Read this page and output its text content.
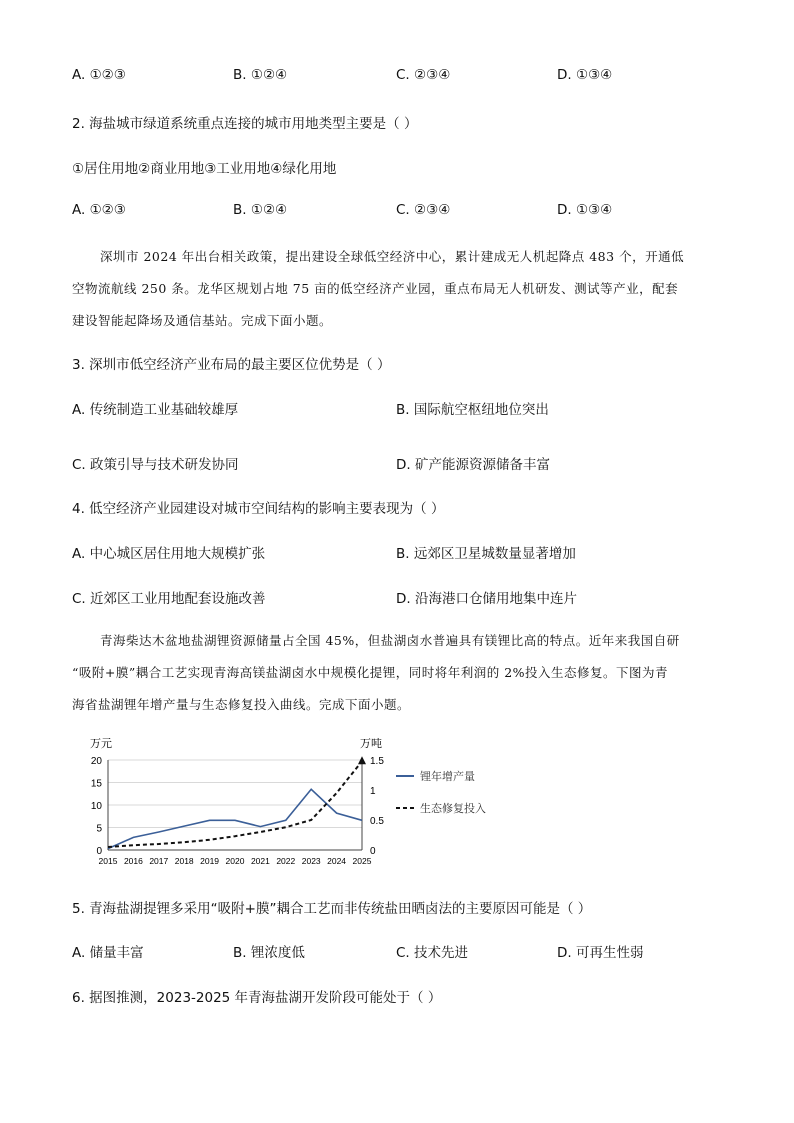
A. ①②③	B. ①②④	C. ②③④	D. ①③④
2. 海盐城市绿道系统重点连接的城市用地类型主要是（ ）
①居住用地②商业用地③工业用地④绿化用地
A. ①②③	B. ①②④	C. ②③④	D. ①③④
深圳市 2024 年出台相关政策，提出建设全球低空经济中心，累计建成无人机起降点 483 个，开通低
空物流航线 250 条。龙华区规划占地 75 亩的低空经济产业园，重点布局无人机研发、测试等产业，配套
建设智能起降场及通信基站。完成下面小题。
3. 深圳市低空经济产业布局的最主要区位优势是（ ）
A. 传统制造工业基础较雄厚	B. 国际航空枢纽地位突出
C. 政策引导与技术研发协同	D. 矿产能源资源储备丰富
4. 低空经济产业园建设对城市空间结构的影响主要表现为（ ）
A. 中心城区居住用地大规模扩张	B. 远郊区卫星城数量显著增加
C. 近郊区工业用地配套设施改善	D. 沿海港口仓储用地集中连片
青海柴达木盆地盐湖锂资源储量占全国 45%，但盐湖卤水普遍具有镁锂比高的特点。近年来我国自研
“吸附+膜”耦合工艺实现青海高镁盐湖卤水中规模化提锂，同时将年利润的 2%投入生态修复。下图为青
海省盐湖锂年增产量与生态修复投入曲线。完成下面小题。
万元	万吨
0
5
10
15
20
0
0.5
1
1.5
2015 2016 2017 2018 2019 2020 2021 2022 2023 2024 2025
锂年增产量
生态修复投入
5. 青海盐湖提锂多采用“吸附+膜”耦合工艺而非传统盐田晒卤法的主要原因可能是（ ）
A. 储量丰富	B. 锂浓度低	C. 技术先进	D. 可再生性弱
6. 据图推测，2023-2025 年青海盐湖开发阶段可能处于（ ）
